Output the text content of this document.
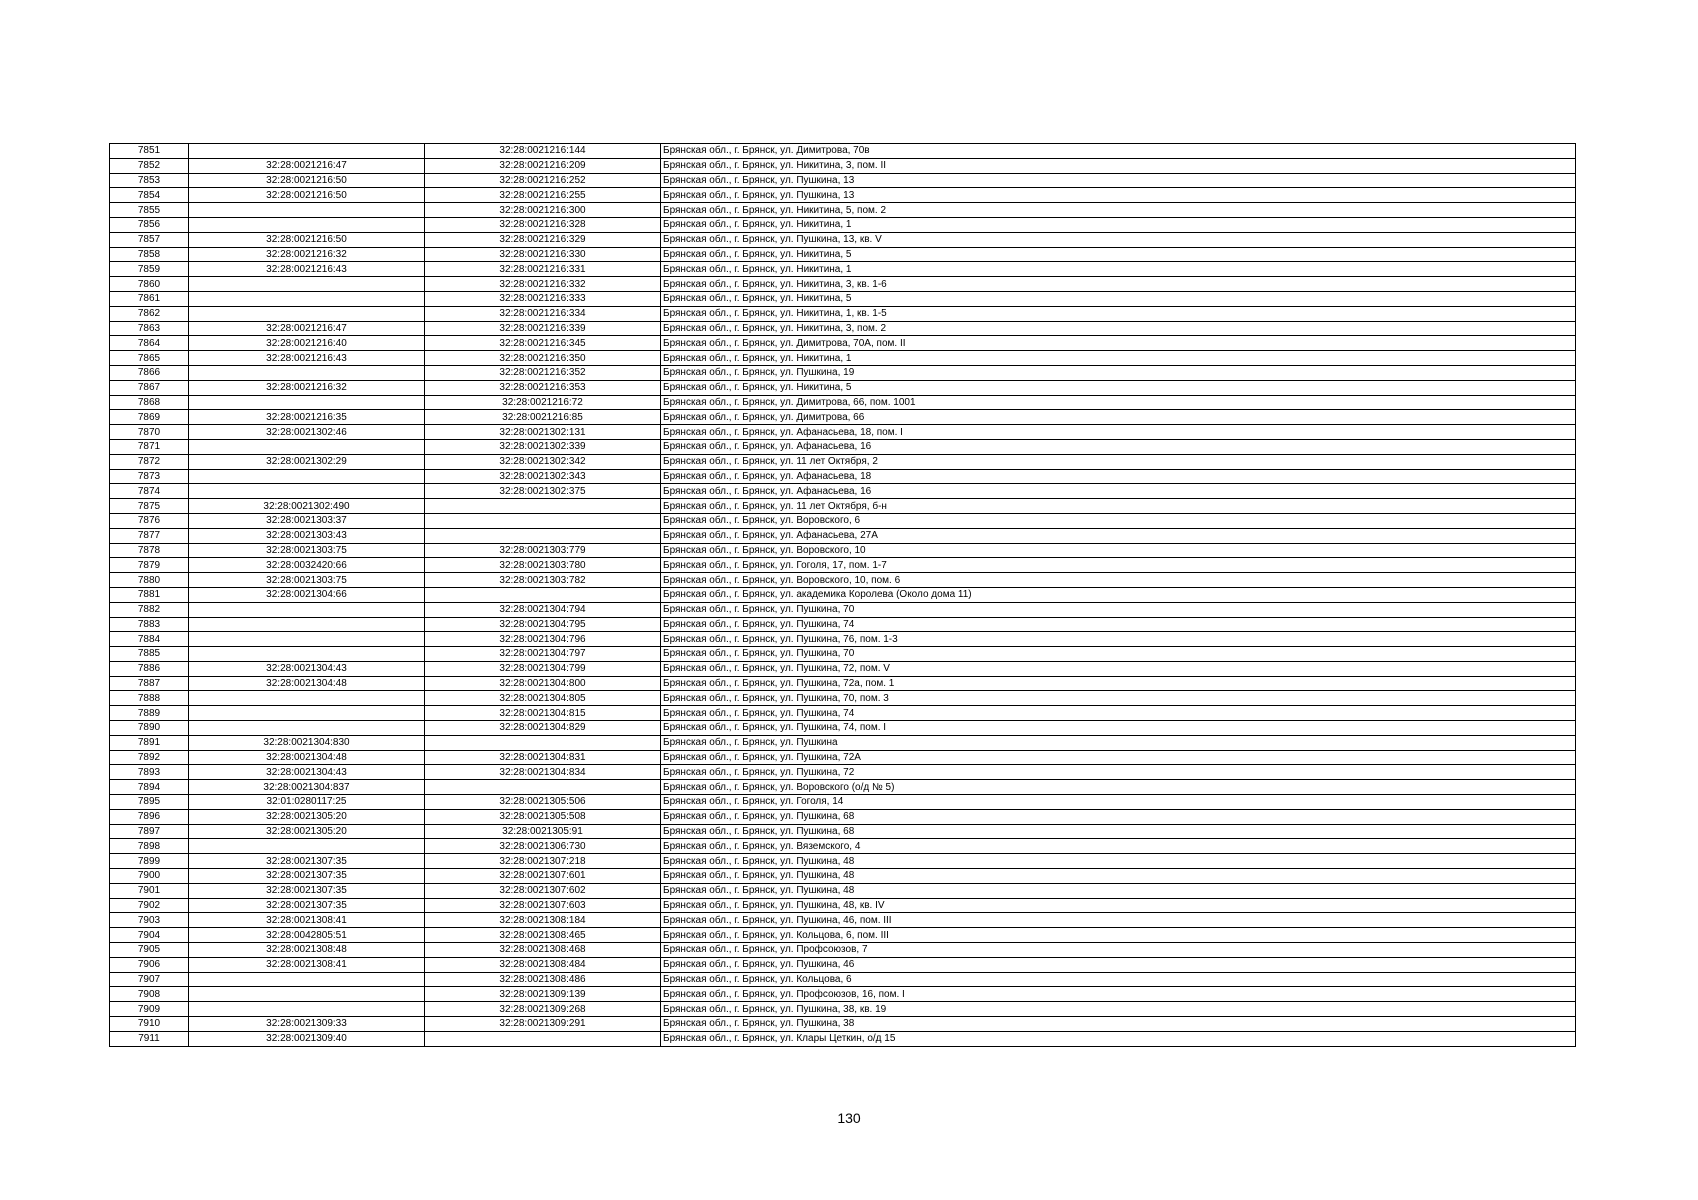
7851		32:28:0021216:144	Брянская обл., г. Брянск, ул. Димитрова, 70в
7852	32:28:0021216:47	32:28:0021216:209	Брянская обл., г. Брянск, ул. Никитина, 3, пом. II
7853	32:28:0021216:50	32:28:0021216:252	Брянская обл., г. Брянск, ул. Пушкина, 13
7854	32:28:0021216:50	32:28:0021216:255	Брянская обл., г. Брянск, ул. Пушкина, 13
7855		32:28:0021216:300	Брянская обл., г. Брянск, ул. Никитина, 5, пом. 2
7856		32:28:0021216:328	Брянская обл., г. Брянск, ул. Никитина, 1
7857	32:28:0021216:50	32:28:0021216:329	Брянская обл., г. Брянск, ул. Пушкина, 13, кв. V
7858	32:28:0021216:32	32:28:0021216:330	Брянская обл., г. Брянск, ул. Никитина, 5
7859	32:28:0021216:43	32:28:0021216:331	Брянская обл., г. Брянск, ул. Никитина, 1
7860		32:28:0021216:332	Брянская обл., г. Брянск, ул. Никитина, 3, кв. 1-6
7861		32:28:0021216:333	Брянская обл., г. Брянск, ул. Никитина, 5
7862		32:28:0021216:334	Брянская обл., г. Брянск, ул. Никитина, 1, кв. 1-5
7863	32:28:0021216:47	32:28:0021216:339	Брянская обл., г. Брянск, ул. Никитина, 3, пом. 2
7864	32:28:0021216:40	32:28:0021216:345	Брянская обл., г. Брянск, ул. Димитрова, 70А, пом. II
7865	32:28:0021216:43	32:28:0021216:350	Брянская обл., г. Брянск, ул. Никитина, 1
7866		32:28:0021216:352	Брянская обл., г. Брянск, ул. Пушкина, 19
7867	32:28:0021216:32	32:28:0021216:353	Брянская обл., г. Брянск, ул. Никитина, 5
7868		32:28:0021216:72	Брянская обл., г. Брянск, ул. Димитрова, 66, пом. 1001
7869	32:28:0021216:35	32:28:0021216:85	Брянская обл., г. Брянск, ул. Димитрова, 66
7870	32:28:0021302:46	32:28:0021302:131	Брянская обл., г. Брянск, ул. Афанасьева, 18, пом. I
7871		32:28:0021302:339	Брянская обл., г. Брянск, ул. Афанасьева, 16
7872	32:28:0021302:29	32:28:0021302:342	Брянская обл., г. Брянск, ул. 11 лет Октября, 2
7873		32:28:0021302:343	Брянская обл., г. Брянск, ул. Афанасьева, 18
7874		32:28:0021302:375	Брянская обл., г. Брянск, ул. Афанасьева, 16
7875	32:28:0021302:490		Брянская обл., г. Брянск, ул. 11 лет Октября, б-н
7876	32:28:0021303:37		Брянская обл., г. Брянск, ул. Воровского, 6
7877	32:28:0021303:43		Брянская обл., г. Брянск, ул. Афанасьева, 27А
7878	32:28:0021303:75	32:28:0021303:779	Брянская обл., г. Брянск, ул. Воровского, 10
7879	32:28:0032420:66	32:28:0021303:780	Брянская обл., г. Брянск, ул. Гоголя, 17, пом. 1-7
7880	32:28:0021303:75	32:28:0021303:782	Брянская обл., г. Брянск, ул. Воровского, 10, пом. 6
7881	32:28:0021304:66		Брянская обл., г. Брянск, ул. академика Королева (Около дома 11)
7882		32:28:0021304:794	Брянская обл., г. Брянск, ул. Пушкина, 70
7883		32:28:0021304:795	Брянская обл., г. Брянск, ул. Пушкина, 74
7884		32:28:0021304:796	Брянская обл., г. Брянск, ул. Пушкина, 76, пом. 1-3
7885		32:28:0021304:797	Брянская обл., г. Брянск, ул. Пушкина, 70
7886	32:28:0021304:43	32:28:0021304:799	Брянская обл., г. Брянск, ул. Пушкина, 72, пом. V
7887	32:28:0021304:48	32:28:0021304:800	Брянская обл., г. Брянск, ул. Пушкина, 72а, пом. 1
7888		32:28:0021304:805	Брянская обл., г. Брянск, ул. Пушкина, 70, пом. 3
7889		32:28:0021304:815	Брянская обл., г. Брянск, ул. Пушкина, 74
7890		32:28:0021304:829	Брянская обл., г. Брянск, ул. Пушкина, 74, пом. I
7891	32:28:0021304:830		Брянская обл., г. Брянск, ул. Пушкина
7892	32:28:0021304:48	32:28:0021304:831	Брянская обл., г. Брянск, ул. Пушкина, 72А
7893	32:28:0021304:43	32:28:0021304:834	Брянская обл., г. Брянск, ул. Пушкина, 72
7894	32:28:0021304:837		Брянская обл., г. Брянск, ул. Воровского (о/д № 5)
7895	32:01:0280117:25	32:28:0021305:506	Брянская обл., г. Брянск, ул. Гоголя, 14
7896	32:28:0021305:20	32:28:0021305:508	Брянская обл., г. Брянск, ул. Пушкина, 68
7897	32:28:0021305:20	32:28:0021305:91	Брянская обл., г. Брянск, ул. Пушкина, 68
7898		32:28:0021306:730	Брянская обл., г. Брянск, ул. Вяземского, 4
7899	32:28:0021307:35	32:28:0021307:218	Брянская обл., г. Брянск, ул. Пушкина, 48
7900	32:28:0021307:35	32:28:0021307:601	Брянская обл., г. Брянск, ул. Пушкина, 48
7901	32:28:0021307:35	32:28:0021307:602	Брянская обл., г. Брянск, ул. Пушкина, 48
7902	32:28:0021307:35	32:28:0021307:603	Брянская обл., г. Брянск, ул. Пушкина, 48, кв. IV
7903	32:28:0021308:41	32:28:0021308:184	Брянская обл., г. Брянск, ул. Пушкина, 46, пом. III
7904	32:28:0042805:51	32:28:0021308:465	Брянская обл., г. Брянск, ул. Кольцова, 6, пом. III
7905	32:28:0021308:48	32:28:0021308:468	Брянская обл., г. Брянск, ул. Профсоюзов, 7
7906	32:28:0021308:41	32:28:0021308:484	Брянская обл., г. Брянск, ул. Пушкина, 46
7907		32:28:0021308:486	Брянская обл., г. Брянск, ул. Кольцова, 6
7908		32:28:0021309:139	Брянская обл., г. Брянск, ул. Профсоюзов, 16, пом. I
7909		32:28:0021309:268	Брянская обл., г. Брянск, ул. Пушкина, 38, кв. 19
7910	32:28:0021309:33	32:28:0021309:291	Брянская обл., г. Брянск, ул. Пушкина, 38
7911	32:28:0021309:40		Брянская обл., г. Брянск, ул. Клары Цеткин, о/д 15
130
